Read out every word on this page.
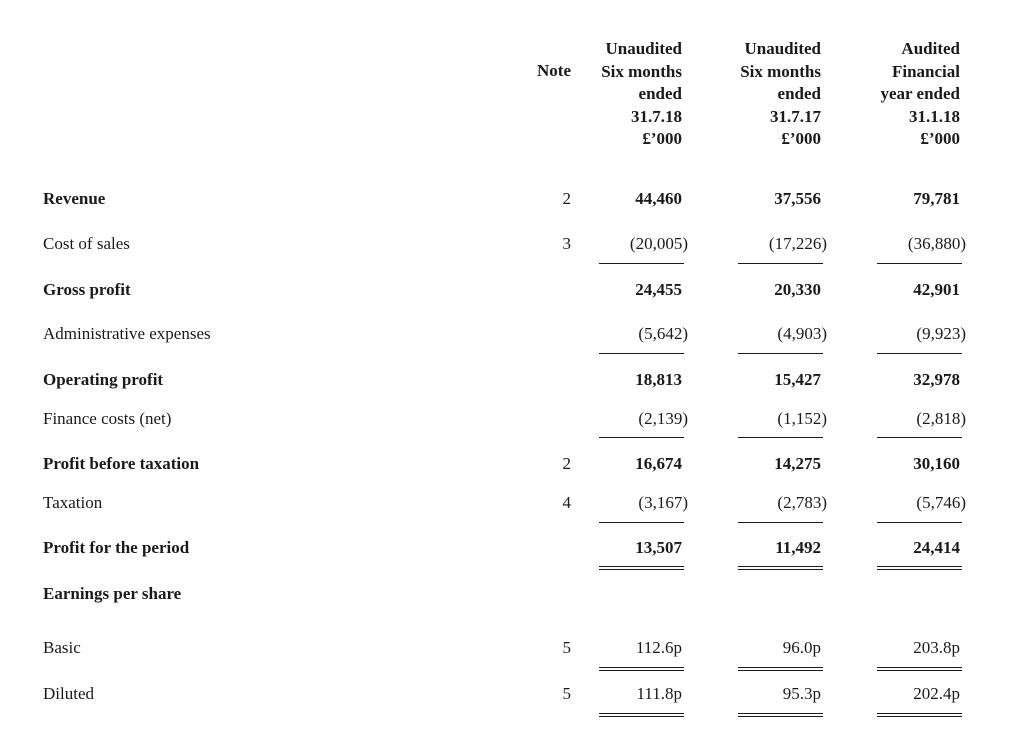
Note
Unaudited
Six months
ended
31.7.18
£’000
Unaudited
Six months
ended
31.7.17
£’000
Audited
Financial
year ended
31.1.18
£’000
Revenue	2	44,460	37,556	79,781
Cost of sales	3	(20,005)	(17,226)	(36,880)
Gross profit	24,455	20,330	42,901
Administrative expenses	(5,642)	(4,903)	(9,923)
Operating profit	18,813	15,427	32,978
Finance costs (net)	(2,139)	(1,152)	(2,818)
Profit before taxation	2	16,674	14,275	30,160
Taxation	4	(3,167)	(2,783)	(5,746)
Profit for the period	13,507	11,492	24,414
Earnings per share
Basic	5	112.6p	96.0p	203.8p
Diluted	5	111.8p	95.3p	202.4p
